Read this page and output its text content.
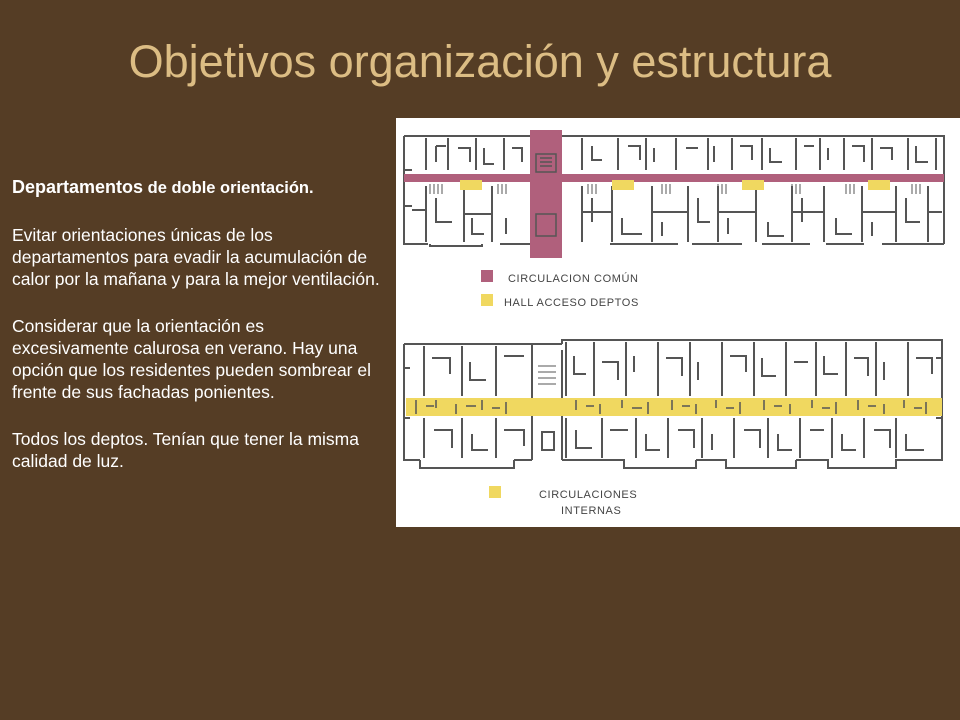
Objetivos organización y estructura

Departamentos de doble orientación.

Evitar orientaciones únicas de los departamentos para evadir la acumulación de calor por la mañana y para la mejor ventilación.

Considerar que la orientación es excesivamente calurosa en verano. Hay una opción que los residentes pueden sombrear el frente de sus fachadas ponientes.

Todos los deptos. Tenían que tener la misma calidad de luz.

CIRCULACION COMÚN
HALL ACCESO DEPTOS
CIRCULACIONES
INTERNAS
